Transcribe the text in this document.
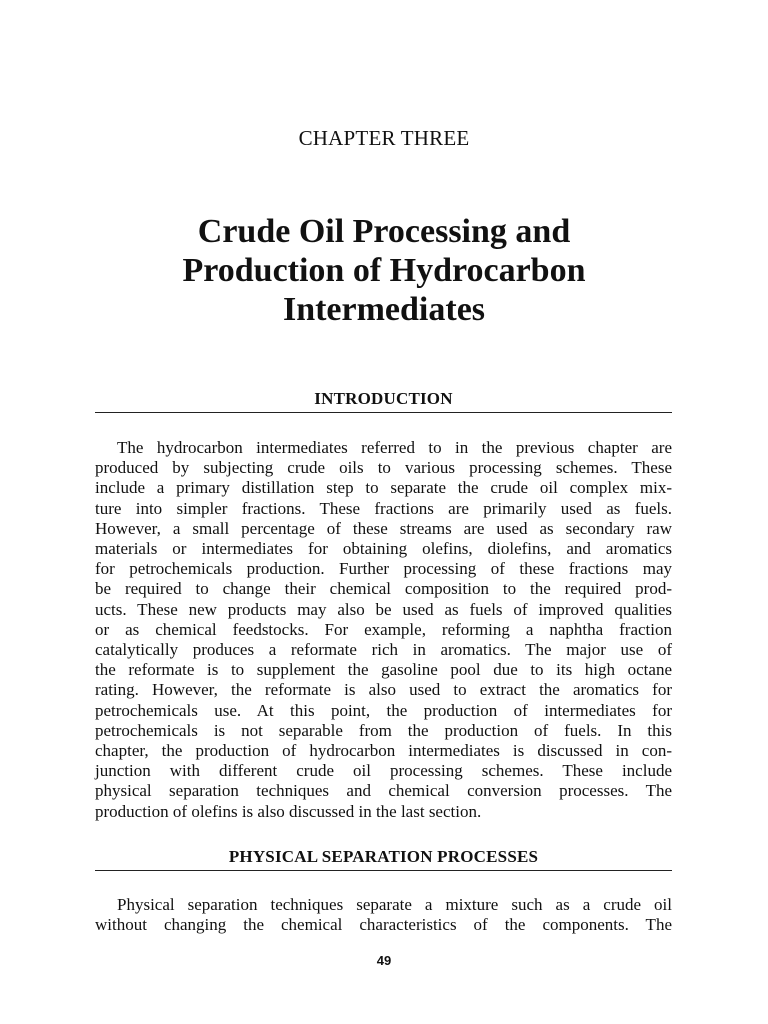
CHAPTER THREE
Crude Oil Processing and
Production of Hydrocarbon
Intermediates
INTRODUCTION
The hydrocarbon intermediates referred to in the previous chapter are
produced by subjecting crude oils to various processing schemes. These
include a primary distillation step to separate the crude oil complex mix-
ture into simpler fractions. These fractions are primarily used as fuels.
However, a small percentage of these streams are used as secondary raw
materials or intermediates for obtaining olefins, diolefins, and aromatics
for petrochemicals production. Further processing of these fractions may
be required to change their chemical composition to the required prod-
ucts. These new products may also be used as fuels of improved qualities
or as chemical feedstocks. For example, reforming a naphtha fraction
catalytically produces a reformate rich in aromatics. The major use of
the reformate is to supplement the gasoline pool due to its high octane
rating. However, the reformate is also used to extract the aromatics for
petrochemicals use. At this point, the production of intermediates for
petrochemicals is not separable from the production of fuels. In this
chapter, the production of hydrocarbon intermediates is discussed in con-
junction with different crude oil processing schemes. These include
physical separation techniques and chemical conversion processes. The
production of olefins is also discussed in the last section.
PHYSICAL SEPARATION PROCESSES
Physical separation techniques separate a mixture such as a crude oil
without changing the chemical characteristics of the components. The
49
